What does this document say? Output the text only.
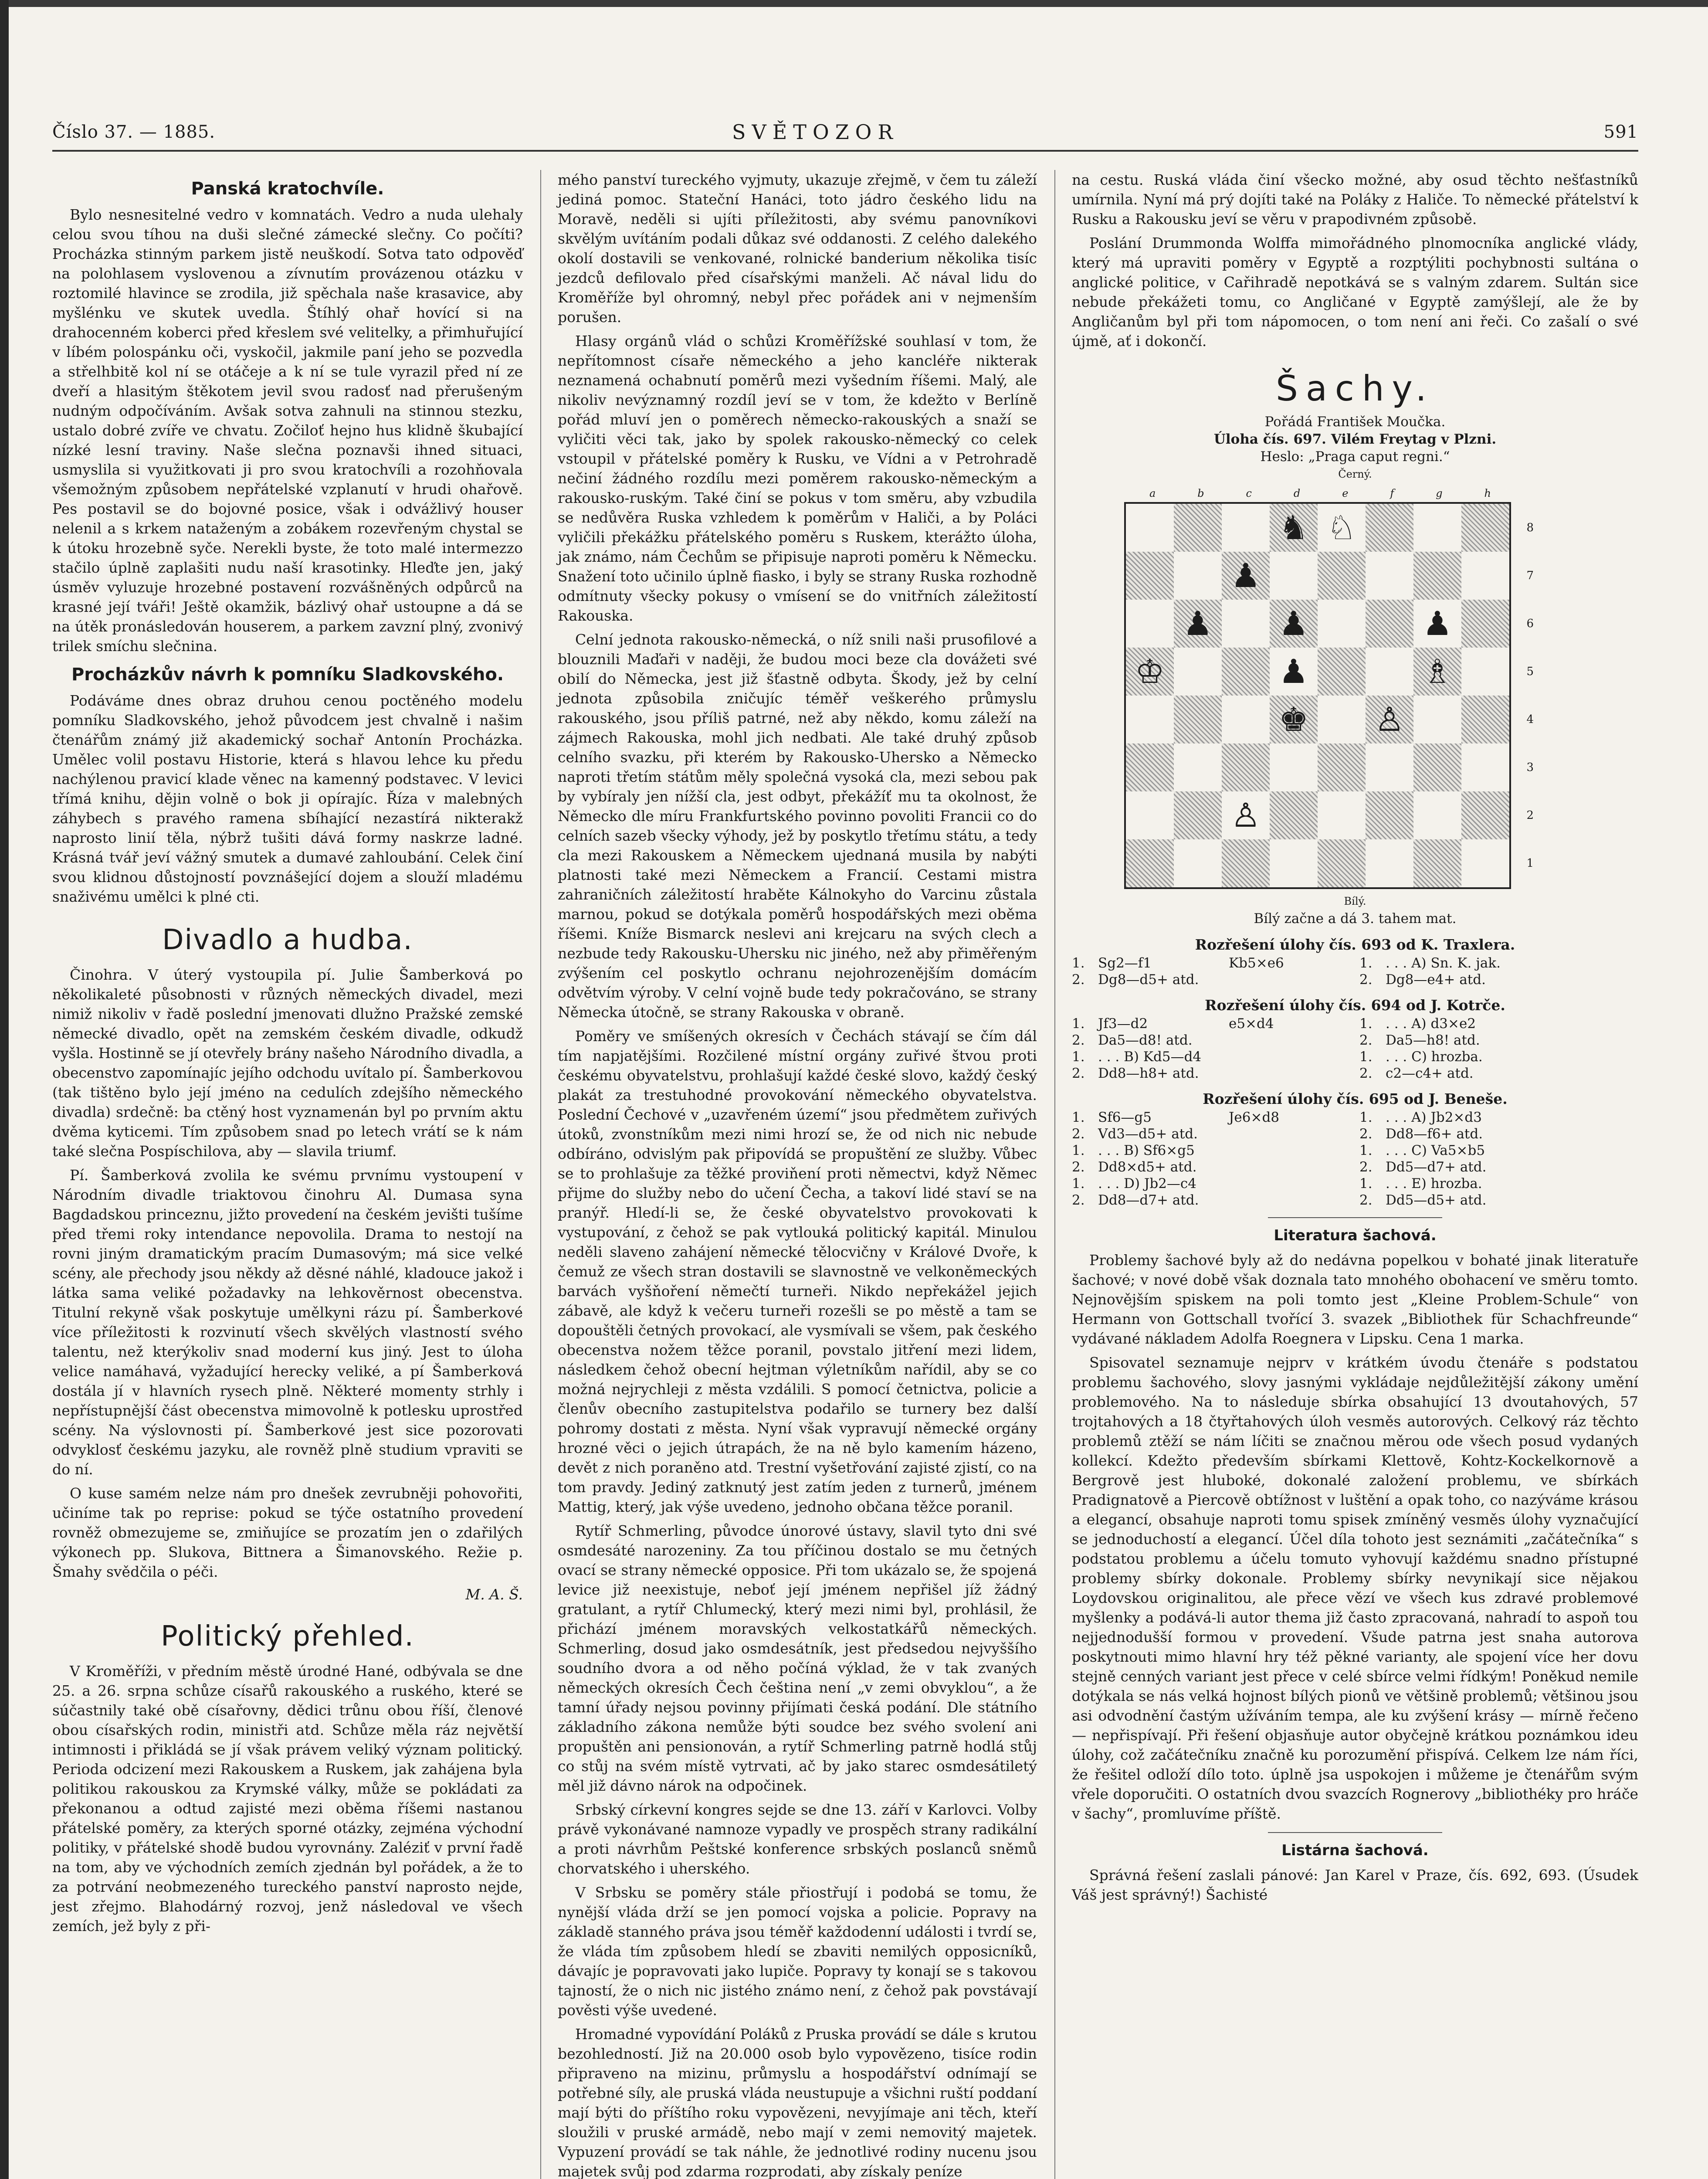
Číslo 37. — 1885.	SVĚTOZOR	591
Panská kratochvíle.

Bylo nesnesitelné vedro v komnatách. Vedro a nuda ulehaly celou svou tíhou na duši slečné zámecké slečny. Co počíti? Procházka stinným parkem jistě neuškodí. Sotva tato odpověď na polohlasem vyslovenou a zívnutím provázenou otázku v roztomilé hlavince se zrodila, již spěchala naše krasavice, aby myšlénku ve skutek uvedla. Štíhlý ohař hovící si na drahocenném koberci před křeslem své velitelky, a přimhuřující v líbém polospánku oči, vyskočil, jakmile paní jeho se pozvedla a střelhbitě kol ní se otáčeje a k ní se tule vyrazil před ní ze dveří a hlasitým štěkotem jevil svou radosť nad přerušeným nudným odpočíváním. Avšak sotva zahnuli na stinnou stezku, ustalo dobré zvíře ve chvatu. Zočiloť hejno hus klidně škubající nízké lesní traviny. Naše slečna poznavši ihned situaci, usmyslila si využitkovati ji pro svou kratochvíli a rozohňovala všemožným způsobem nepřátelské vzplanutí v hrudi ohařově. Pes postavil se do bojovné posice, však i odvážlivý houser nelenil a s krkem nataženým a zobákem rozevřeným chystal se k útoku hrozebně syče. Nerekli byste, že toto malé intermezzo stačilo úplně zaplašiti nudu naší krasotinky. Hleďte jen, jaký úsměv vyluzuje hrozebné postavení rozvášněných odpůrců na krasné její tváři! Ještě okamžik, bázlivý ohař ustoupne a dá se na útěk pronásledován houserem, a parkem zavzní plný, zvonivý trilek smíchu slečnina.

Procházkův návrh k pomníku Sladkovského.

Podáváme dnes obraz druhou cenou poctěného modelu pomníku Sladkovského, jehož původcem jest chvalně i našim čtenářům známý již akademický sochař Antonín Procházka. Umělec volil postavu Historie, která s hlavou lehce ku předu nachýlenou pravicí klade věnec na kamenný podstavec. V levici třímá knihu, dějin volně o bok ji opírajíc. Říza v malebných záhybech s pravého ramena sbíhající nezastírá nikterakž naprosto linií těla, nýbrž tušiti dává formy naskrze ladné. Krásná tvář jeví vážný smutek a dumavé zahloubání. Celek činí svou klidnou důstojností povznášející dojem a slouží mladému snaživému umělci k plné cti.

Divadlo a hudba.

Činohra. V úterý vystoupila pí. Julie Šamberková po několikaleté působnosti v různých německých divadel, mezi nimiž nikoliv v řadě poslední jmenovati dlužno Pražské zemské německé divadlo, opět na zemském českém divadle, odkudž vyšla. Hostinně se jí otevřely brány našeho Národního divadla, a obecenstvo zapomínajíc jejího odchodu uvítalo pí. Šamberkovou (tak tištěno bylo její jméno na cedulích zdejšího německého divadla) srdečně: ba ctěný host vyznamenán byl po prvním aktu dvěma kyticemi. Tím způsobem snad po letech vrátí se k nám také slečna Pospíschilova, aby — slavila triumf.

Pí. Šamberková zvolila ke svému prvnímu vystoupení v Národním divadle triaktovou činohru Al. Dumasa syna Bagdadskou princeznu, jižto provedení na českém jevišti tušíme před třemi roky intendance nepovolila. Drama to nestojí na rovni jiným dramatickým pracím Dumasovým; má sice velké scény, ale přechody jsou někdy až děsné náhlé, kladouce jakož i látka sama veliké požadavky na lehkověrnost obecenstva. Titulní rekyně však poskytuje umělkyni rázu pí. Šamberkové více příležitosti k rozvinutí všech skvělých vlastností svého talentu, než kterýkoliv snad moderní kus jiný. Jest to úloha velice namáhavá, vyžadující herecky veliké, a pí Šamberková dostála jí v hlavních rysech plně. Některé momenty strhly i nepřístupnější část obecenstva mimovolně k potlesku uprostřed scény. Na výslovnosti pí. Šamberkové jest sice pozorovati odvyklosť českému jazyku, ale rovněž plně studium vpraviti se do ní.

O kuse samém nelze nám pro dnešek zevrubněji pohovořiti, učiníme tak po reprise: pokud se týče ostatního provedení rovněž obmezujeme se, zmiňujíce se prozatím jen o zdařilých výkonech pp. Slukova, Bittnera a Šimanovského. Režie p. Šmahy svědčila o péči.

M. A. Š.
Politický přehled.

V Kroměříži, v předním městě úrodné Hané, odbývala se dne 25. a 26. srpna schůze císařů rakouského a ruského, které se súčastnily také obě císařovny, dědici trůnu obou říší, členové obou císařských rodin, ministři atd. Schůze měla ráz největší intimnosti i přikládá se jí však právem veliký význam politický. Perioda odcizení mezi Rakouskem a Ruskem, jak zahájena byla politikou rakouskou za Krymské války, může se pokládati za překonanou a odtud zajisté mezi oběma říšemi nastanou přátelské poměry, za kterých sporné otázky, zejména východní politiky, v přátelské shodě budou vyrovnány. Zaléziť v první řadě na tom, aby ve východních zemích zjednán byl pořádek, a že to za potrvání neobmezeného tureckého panství naprosto nejde, jest zřejmo. Blahodárný rozvoj, jenž následoval ve všech zemích, jež byly z při-

mého panství tureckého vyjmuty, ukazuje zřejmě, v čem tu záleží jediná pomoc. Stateční Hanáci, toto jádro českého lidu na Moravě, neděli si ujíti příležitosti, aby svému panovníkovi skvělým uvítáním podali důkaz své oddanosti. Z celého dalekého okolí dostavili se venkované, rolnické banderium několika tisíc jezdců defilovalo před císařskými manželi. Ač nával lidu do Kroměříže byl ohromný, nebyl přec pořádek ani v nejmenším porušen.

Hlasy orgánů vlád o schůzi Kroměřížské souhlasí v tom, že nepřítomnost císaře německého a jeho kancléře nikterak neznamená ochabnutí poměrů mezi vyšedním říšemi. Malý, ale nikoliv nevýznamný rozdíl jeví se v tom, že kdežto v Berlíně pořád mluví jen o poměrech německo-rakouských a snaží se vyličiti věci tak, jako by spolek rakousko-německý co celek vstoupil v přátelské poměry k Rusku, ve Vídni a v Petrohradě nečiní žádného rozdílu mezi poměrem rakousko-německým a rakousko-ruským. Také činí se pokus v tom směru, aby vzbudila se nedůvěra Ruska vzhledem k poměrům v Haliči, a by Poláci vyličili překážku přátelského poměru s Ruskem, kterážto úloha, jak známo, nám Čechům se připisuje naproti poměru k Německu. Snažení toto učinilo úplně fiasko, i byly se strany Ruska rozhodně odmítnuty všecky pokusy o vmísení se do vnitřních záležitostí Rakouska.

Celní jednota rakousko-německá, o níž snili naši prusofilové a blouznili Maďaři v naději, že budou moci beze cla dovážeti své obilí do Německa, jest již šťastně odbyta. Škody, jež by celní jednota způsobila zničujíc téměř veškerého průmyslu rakouského, jsou příliš patrné, než aby někdo, komu záleží na zájmech Rakouska, mohl jich nedbati. Ale také druhý způsob celního svazku, při kterém by Rakousko-Uhersko a Německo naproti třetím státům měly společná vysoká cla, mezi sebou pak by vybíraly jen nížší cla, jest odbyt, překážíť mu ta okolnost, že Německo dle míru Frankfurtského povinno povoliti Francii co do celních sazeb všecky výhody, jež by poskytlo třetímu státu, a tedy cla mezi Rakouskem a Německem ujednaná musila by nabýti platnosti také mezi Německem a Francií. Cestami mistra zahraničních záležitostí hraběte Kálnokyho do Varcinu zůstala marnou, pokud se dotýkala poměrů hospodářských mezi oběma říšemi. Kníže Bismarck neslevi ani krejcaru na svých clech a nezbude tedy Rakousku-Uhersku nic jiného, než aby přiměřeným zvýšením cel poskytlo ochranu nejohrozenějším domácím odvětvím výroby. V celní vojně bude tedy pokračováno, se strany Německa útočně, se strany Rakouska v obraně.

Poměry ve smíšených okresích v Čechách stávají se čím dál tím napjatějšími. Rozčilené místní orgány zuřivé štvou proti českému obyvatelstvu, prohlašují každé české slovo, každý český plakát za trestuhodné provokování německého obyvatelstva. Poslední Čechové v „uzavřeném území“ jsou předmětem zuřivých útoků, zvonstníkům mezi nimi hrozí se, že od nich nic nebude odbíráno, odvislým pak připovídá se propuštění ze služby. Vůbec se to prohlašuje za těžké proviňení proti němectvi, když Němec přijme do služby nebo do učení Čecha, a takoví lidé staví se na pranýř. Hledí-li se, že české obyvatelstvo provokovati k vystupování, z čehož se pak vytlouká politický kapitál. Minulou neděli slaveno zahájení německé tělocvičny v Králové Dvoře, k čemuž ze všech stran dostavili se slavnostně ve velkoněmeckých barvách vyšňoření němečtí turneři. Nikdo nepřekážel jejich zábavě, ale když k večeru turneři rozešli se po městě a tam se dopouštěli četných provokací, ale vysmívali se všem, pak českého obecenstva nožem těžce poranil, povstalo jitření mezi lidem, následkem čehož obecní hejtman výletníkům nařídil, aby se co možná nejrychleji z města vzdálili. S pomocí četnictva, policie a členův obecního zastupitelstva podařilo se turnery bez další pohromy dostati z města. Nyní však vypravují německé orgány hrozné věci o jejich útrapách, že na ně bylo kamením házeno, devět z nich poraněno atd. Trestní vyšetřování zajisté zjistí, co na tom pravdy. Jediný zatknutý jest zatím jeden z turnerů, jménem Mattig, který, jak výše uvedeno, jednoho občana těžce poranil.

Rytíř Schmerling, původce únorové ústavy, slavil tyto dni své osmdesáté narozeniny. Za tou příčinou dostalo se mu četných ovací se strany německé opposice. Při tom ukázalo se, že spojená levice již neexistuje, neboť její jménem nepřišel jíž žádný gratulant, a rytíř Chlumecký, který mezi nimi byl, prohlásil, že přichází jménem moravských velkostatkářů německých. Schmerling, dosud jako osmdesátník, jest předsedou nejvyššího soudního dvora a od něho počíná výklad, že v tak zvaných německých okresích Čech čeština není „v zemi obvyklou“, a že tamní úřady nejsou povinny přijímati česká podání. Dle státního základního zákona nemůže býti soudce bez svého svolení ani propuštěn ani pensionován, a rytíř Schmerling patrně hodlá stůj co stůj na svém místě vytrvati, ač by jako starec osmdesátiletý měl již dávno nárok na odpočinek.

Srbský církevní kongres sejde se dne 13. září v Karlovci. Volby právě vykonávané namnoze vypadly ve prospěch strany radikální a proti návrhům Peštské konference srbských poslanců sněmů chorvatského i uherského.

V Srbsku se poměry stále přiostřují i podobá se tomu, že nynější vláda drží se jen pomocí vojska a policie. Popravy na základě stanného práva jsou téměř každodenní události i tvrdí se, že vláda tím způsobem hledí se zbaviti nemilých opposicníků, dávajíc je popravovati jako lupiče. Popravy ty konají se s takovou tajností, že o nich nic jistého známo není, z čehož pak povstávají pověsti výše uvedené.

Hromadné vypovídání Poláků z Pruska provádí se dále s krutou bezohledností. Již na 20.000 osob bylo vypovězeno, tisíce rodin připraveno na mizinu, průmyslu a hospodářství odnímají se potřebné síly, ale pruská vláda neustupuje a všichni ruští poddaní mají býti do příštího roku vypovězeni, nevyjímaje ani těch, kteří sloužili v pruské armádě, nebo mají v zemi nemovitý majetek. Vypuzení provádí se tak náhle, že jednotlivé rodiny nucenu jsou majetek svůj pod zdarma rozprodati, aby získaly peníze

na cestu. Ruská vláda činí všecko možné, aby osud těchto nešťastníků umírnila. Nyní má prý dojíti také na Poláky z Haliče. To německé přátelství k Rusku a Rakousku jeví se věru v prapodivném způsobě.

Poslání Drummonda Wolffa mimořádného plnomocníka anglické vlády, který má upraviti poměry v Egyptě a rozptýliti pochybnosti sultána o anglické politice, v Cařihradě nepotkává se s valným zdarem. Sultán sice nebude překážeti tomu, co Angličané v Egyptě zamýšlejí, ale že by Angličanům byl při tom nápomocen, o tom není ani řeči. Co zašalí o své újmě, ať i dokončí.

Šachy.
Pořádá František Moučka.
Úloha čís. 697. Vilém Freytag v Plzni.
Heslo: „Praga caput regni.“
Černý.
a	b	c	d	e	f	g	h
♞ ♘
♟
♟ ♟	♟
♔	♟	♗
♚ ♙
♙
8
7
6
5
4
3
2
1
Bílý.
Bílý začne a dá 3. tahem mat.
Rozřešení úlohy čís. 693 od K. Traxlera.
1. Sg2—f1	Kb5×e6	1. . . . A) Sn. K. jak.
2. Dg8—d5+ atd.	2. Dg8—e4+ atd.
Rozřešení úlohy čís. 694 od J. Kotrče.
1. Jf3—d2	e5×d4	1. . . . A) d3×e2
2. Da5—d8! atd.	2. Da5—h8! atd.
1. . . . B) Kd5—d4	1. . . . C) hrozba.
2. Dd8—h8+ atd.	2. c2—c4+ atd.
Rozřešení úlohy čís. 695 od J. Beneše.
1. Sf6—g5	Je6×d8	1. . . . A) Jb2×d3
2. Vd3—d5+ atd.	2. Dd8—f6+ atd.
1. . . . B) Sf6×g5	1. . . . C) Va5×b5
2. Dd8×d5+ atd.	2. Dd5—d7+ atd.
1. . . . D) Jb2—c4	1. . . . E) hrozba.
2. Dd8—d7+ atd.	2. Dd5—d5+ atd.
Literatura šachová.

Problemy šachové byly až do nedávna popelkou v bohaté jinak literatuře šachové; v nové době však doznala tato mnohého obohacení ve směru tomto. Nejnovějším spiskem na poli tomto jest „Kleine Problem-Schule“ von Hermann von Gottschall tvořící 3. svazek „Bibliothek für Schachfreunde“ vydávané nákladem Adolfa Roegnera v Lipsku. Cena 1 marka.

Spisovatel seznamuje nejprv v krátkém úvodu čtenáře s podstatou problemu šachového, slovy jasnými vykládaje nejdůležitější zákony umění problemového. Na to následuje sbírka obsahující 13 dvoutahových, 57 trojtahových a 18 čtyřtahových úloh vesměs autorových. Celkový ráz těchto problemů ztěží se nám líčiti se značnou měrou ode všech posud vydaných kollekcí. Kdežto především sbírkami Klettově, Kohtz-Kockelkornově a Bergrově jest hluboké, dokonalé založení problemu, ve sbírkách Pradignatově a Piercově obtížnost v luštění a opak toho, co nazýváme krásou a elegancí, obsahuje naproti tomu spisek zmíněný vesměs úlohy vyznačující se jednoduchostí a elegancí. Účel díla tohoto jest seznámiti „začátečníka“ s podstatou problemu a účelu tomuto vyhovují každému snadno přístupné problemy sbírky dokonale. Problemy sbírky nevynikají sice nějakou Loydovskou originalitou, ale přece vězí ve všech kus zdravé problemové myšlenky a podává-li autor thema již často zpracovaná, nahradí to aspoň tou nejjednodušší formou v provedení. Všude patrna jest snaha autorova poskytnouti mimo hlavní hry též pěkné varianty, ale spojení více her dovu stejně cenných variant jest přece v celé sbírce velmi řídkým! Poněkud nemile dotýkala se nás velká hojnost bílých pionů ve většině problemů; většinou jsou asi odvodnění častým užíváním tempa, ale ku zvýšení krásy — mírně řečeno — nepřispívají. Při řešení objasňuje autor obyčejně krátkou poznámkou ideu úlohy, což začátečníku značně ku porozumění přispívá. Celkem lze nám říci, že řešitel odloží dílo toto. úplně jsa uspokojen i můžeme je čtenářům svým vřele doporučiti. O ostatních dvou svazcích Rognerovy „bibliothéky pro hráče v šachy“, promluvíme příště.

Listárna šachová.

Správná řešení zaslali pánové: Jan Karel v Praze, čís. 692, 693. (Úsudek Váš jest správný!) Šachisté
